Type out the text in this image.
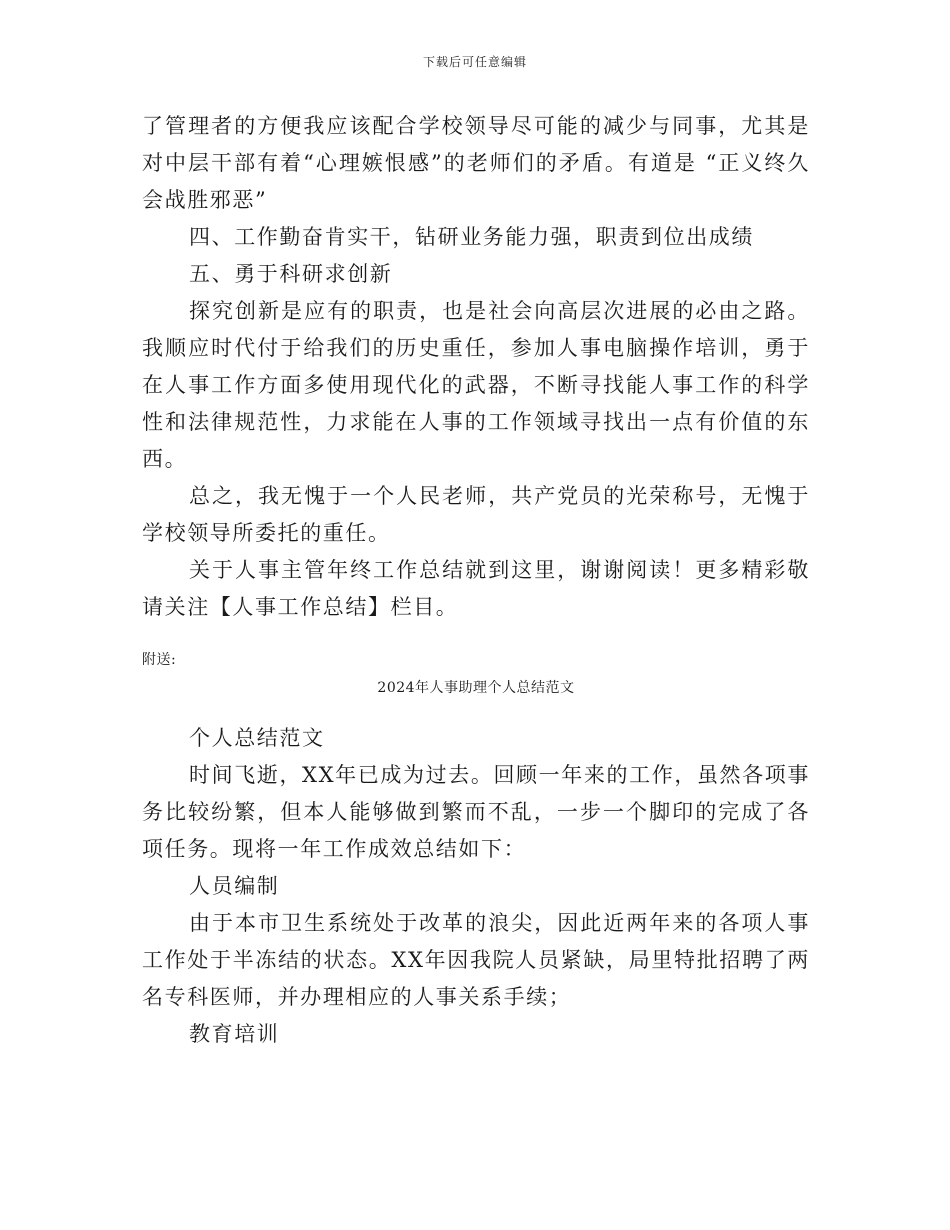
下载后可任意编辑

了管理者的方便我应该配合学校领导尽可能的减少与同事，尤其是对中层干部有着“心理嫉恨感”的老师们的矛盾。有道是 “正义终久会战胜邪恶”

四、工作勤奋肯实干，钻研业务能力强，职责到位出成绩

五、勇于科研求创新

探究创新是应有的职责，也是社会向高层次进展的必由之路。我顺应时代付于给我们的历史重任，参加人事电脑操作培训，勇于在人事工作方面多使用现代化的武器，不断寻找能人事工作的科学性和法律规范性，力求能在人事的工作领域寻找出一点有价值的东西。

总之，我无愧于一个人民老师，共产党员的光荣称号，无愧于学校领导所委托的重任。

关于人事主管年终工作总结就到这里，谢谢阅读！更多精彩敬请关注【人事工作总结】栏目。

附送:

2024年人事助理个人总结范文

个人总结范文

时间飞逝，XX年已成为过去。回顾一年来的工作，虽然各项事务比较纷繁，但本人能够做到繁而不乱，一步一个脚印的完成了各项任务。现将一年工作成效总结如下：

人员编制

由于本市卫生系统处于改革的浪尖，因此近两年来的各项人事工作处于半冻结的状态。XX年因我院人员紧缺，局里特批招聘了两名专科医师，并办理相应的人事关系手续；

教育培训
